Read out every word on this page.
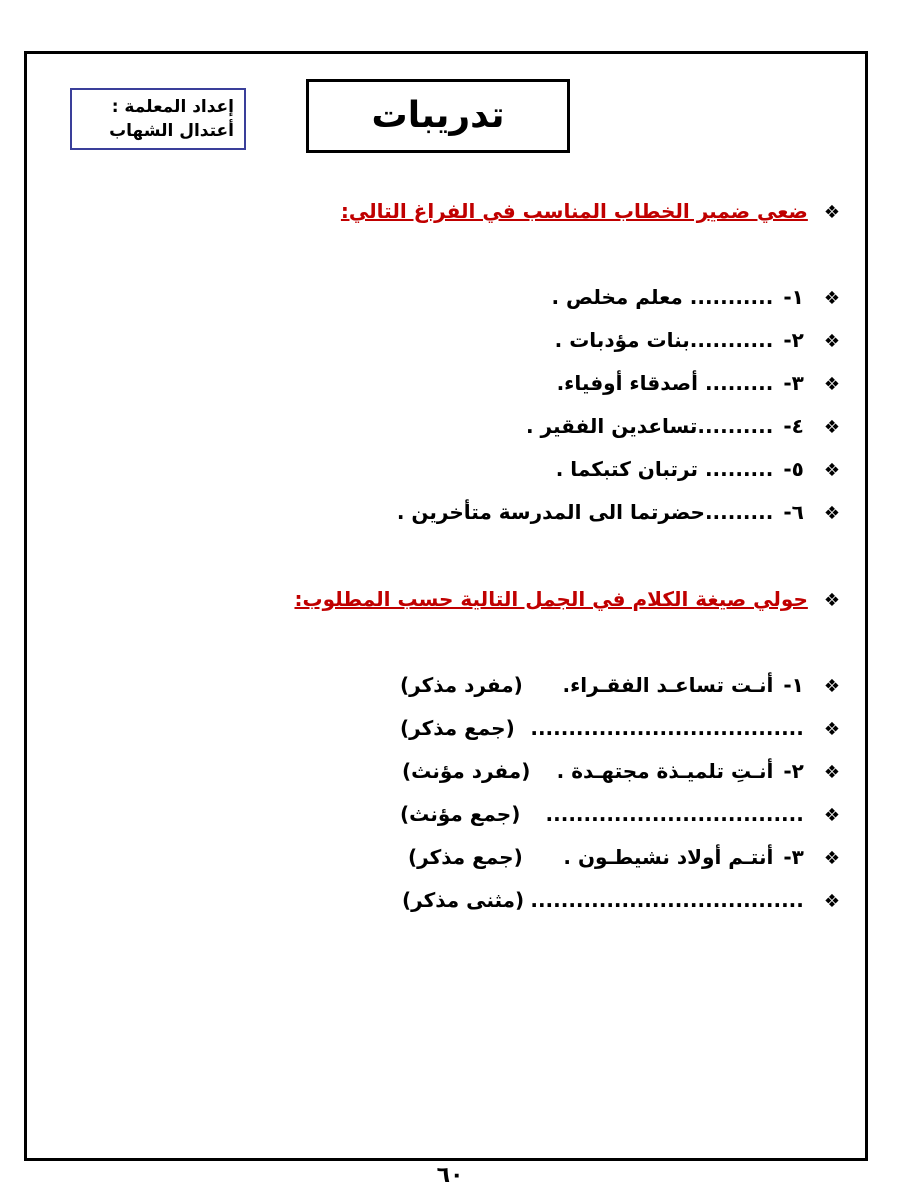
إعداد المعلمة :
أعتدال الشهاب	تدريبات
❖ضعي ضمير الخطاب المناسب في الفراغ التالي:
❖١-........... معلم مخلص .
❖٢-...........بنات مؤدبات .
❖٣-......... أصدقاء أوفياء.
❖٤-..........تساعدين الفقير .
❖٥-......... ترتبان كتبكما .
❖٦-.........حضرتما الى المدرسة متأخرين .
❖حولي صيغة الكلام في الجمل التالية حسب المطلوب:
❖١-أنـت تساعـد الفقـراء.
(مفرد مذكر)
❖....................................
(جمع مذكر)
❖٢-أنـتِ تلميـذة مجتهـدة .
(مفرد مؤنث)
❖..................................
(جمع مؤنث)
❖٣-أنتـم أولاد نشيطـون .
(جمع مذكر)
❖....................................
(مثنى مذكر)
٦٠
